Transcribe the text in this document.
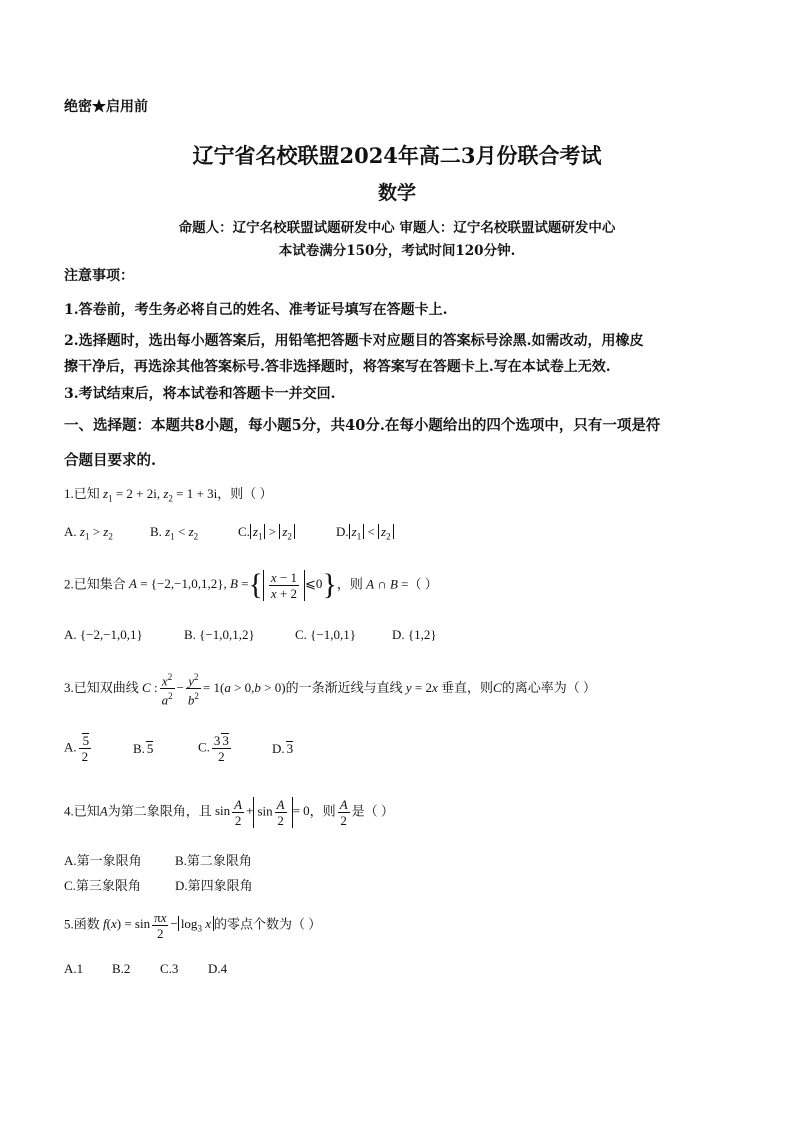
绝密★启用前
辽宁省名校联盟2024年高二3月份联合考试
数学
命题人：辽宁名校联盟试题研发中心 审题人：辽宁名校联盟试题研发中心
本试卷满分150分，考试时间120分钟.
注意事项：
1.答卷前，考生务必将自己的姓名、准考证号填写在答题卡上.
2.选择题时，选出每小题答案后，用铅笔把答题卡对应题目的答案标号涂黑.如需改动，用橡皮
擦干净后，再选涂其他答案标号.答非选择题时，将答案写在答题卡上.写在本试卷上无效.
3.考试结束后，将本试卷和答题卡一并交回.
一、选择题：本题共8小题，每小题5分，共40分.在每小题给出的四个选项中，只有一项是符
合题目要求的.
1.已知 $z_1 = 2 + 2i$, $z_2 = 1 + 3i$，则（ ）
A. $z_1 > z_2$	B. $z_1 < z_2$	C. $z_1 > z_2$	D. $z_1 < z_2$
2.已知集合 A = {−2,−1,0,1,2}, B ={ $\frac{x - 1}{x + 2}$ ⩽0}，则 A ∩ B =（ ）
A. {−2,−1,0,1}	B. {−1,0,1,2}	C. {−1,0,1}	D. {1,2}
3.已知双曲线 C : $\frac{x^2}{a^2} - \frac{y^2}{b^2} = 1(a > 0,b > 0)$的一条渐近线与直线 y = 2x 垂直，则C的离心率为（ ）
A. $\frac{5}{2}$	B. 5	C. $\frac{3 3}{2}$	D. 3
4.已知A为第二象限角，且 $\sin \frac{A}{2} + \sin \frac{A}{2} = 0$，则 $\frac{A}{2}$ 是（ ）
A.第一象限角	B.第二象限角
C.第三象限角	D.第四象限角
5.函数 $f(x) = \sin \frac{\pi x}{2} - \log_3 x$ 的零点个数为（ ）
A.1 B.2 C.3 D.4
